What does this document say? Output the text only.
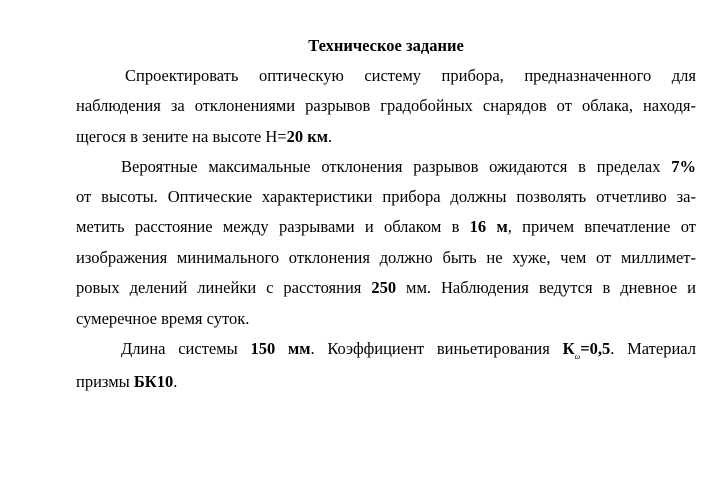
Техническое задание
Спроектировать оптическую систему прибора, предназначенного для
наблюдения за отклонениями разрывов градобойных снарядов от облака, находя-
щегося в зените на высоте Н=20 км.
Вероятные максимальные отклонения разрывов ожидаются в пределах 7%
от высоты. Оптические характеристики прибора должны позволять отчетливо за-
метить расстояние между разрывами и облаком в 16 м, причем впечатление от
изображения минимального отклонения должно быть не хуже, чем от миллимет-
ровых делений линейки с расстояния 250 мм. Наблюдения ведутся в дневное и
сумеречное время суток.
Длина системы 150 мм. Коэффициент виньетирования $К_\omega=0,5$. Материал
призмы БК10.
